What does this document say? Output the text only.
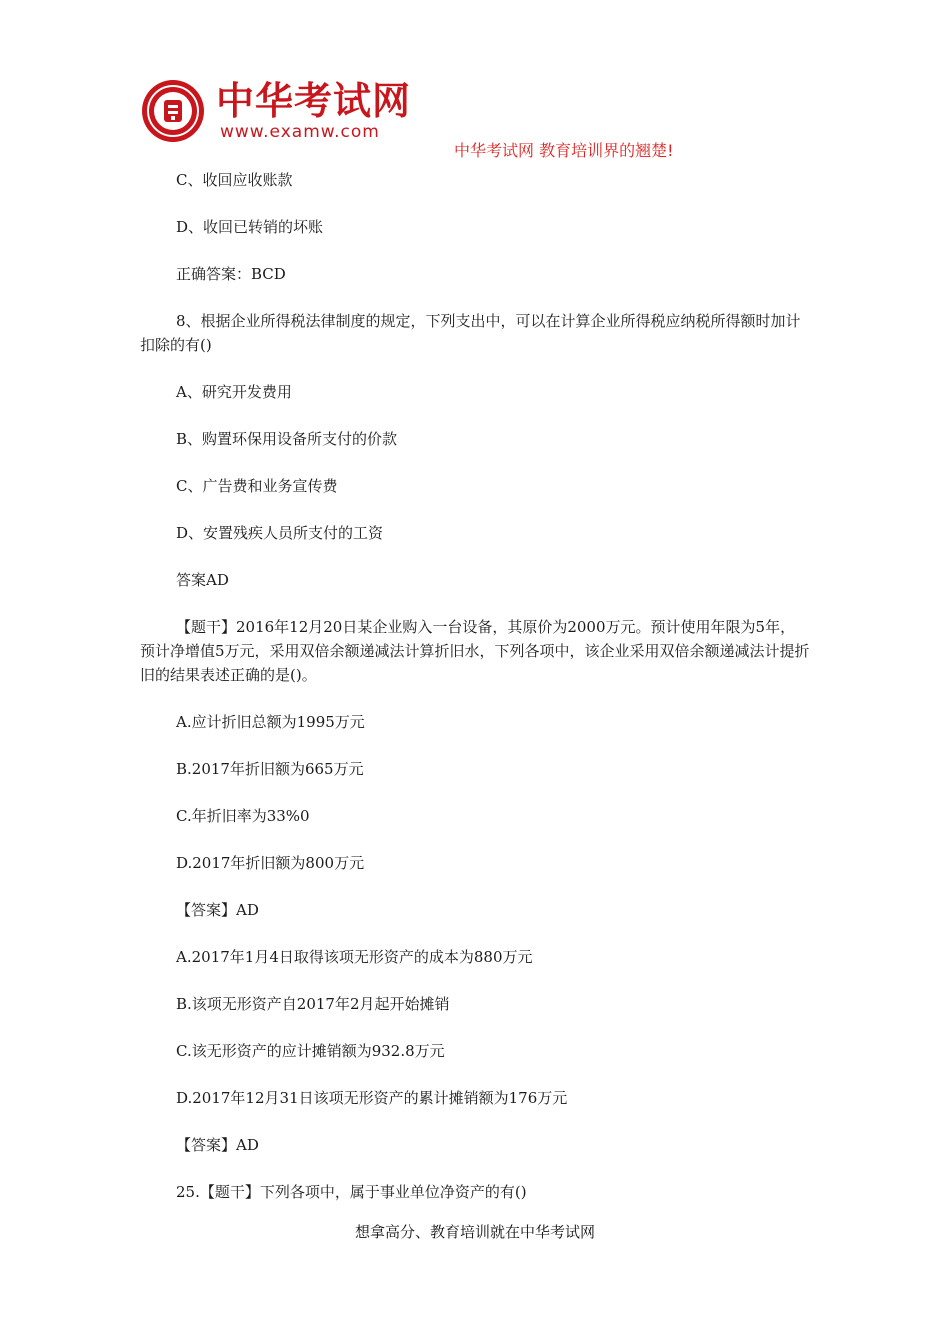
中华考试网
www.examw.com
中华考试网 教育培训界的翘楚!

C、收回应收账款

D、收回已转销的坏账

正确答案：BCD

8、根据企业所得税法律制度的规定，下列支出中，可以在计算企业所得税应纳税所得额时加计扣除的有()

A、研究开发费用

B、购置环保用设备所支付的价款

C、广告费和业务宣传费

D、安置残疾人员所支付的工资

答案AD

【题干】2016年12月20日某企业购入一台设备，其原价为2000万元。预计使用年限为5年，预计净增值5万元，采用双倍余额递减法计算折旧水，下列各项中，该企业采用双倍余额递减法计提折旧的结果表述正确的是()。

A.应计折旧总额为1995万元

B.2017年折旧额为665万元

C.年折旧率为33%0

D.2017年折旧额为800万元

【答案】AD

A.2017年1月4日取得该项无形资产的成本为880万元

B.该项无形资产自2017年2月起开始摊销

C.该无形资产的应计摊销额为932.8万元

D.2017年12月31日该项无形资产的累计摊销额为176万元

【答案】AD

25.【题干】下列各项中，属于事业单位净资产的有()

想拿高分、教育培训就在中华考试网
